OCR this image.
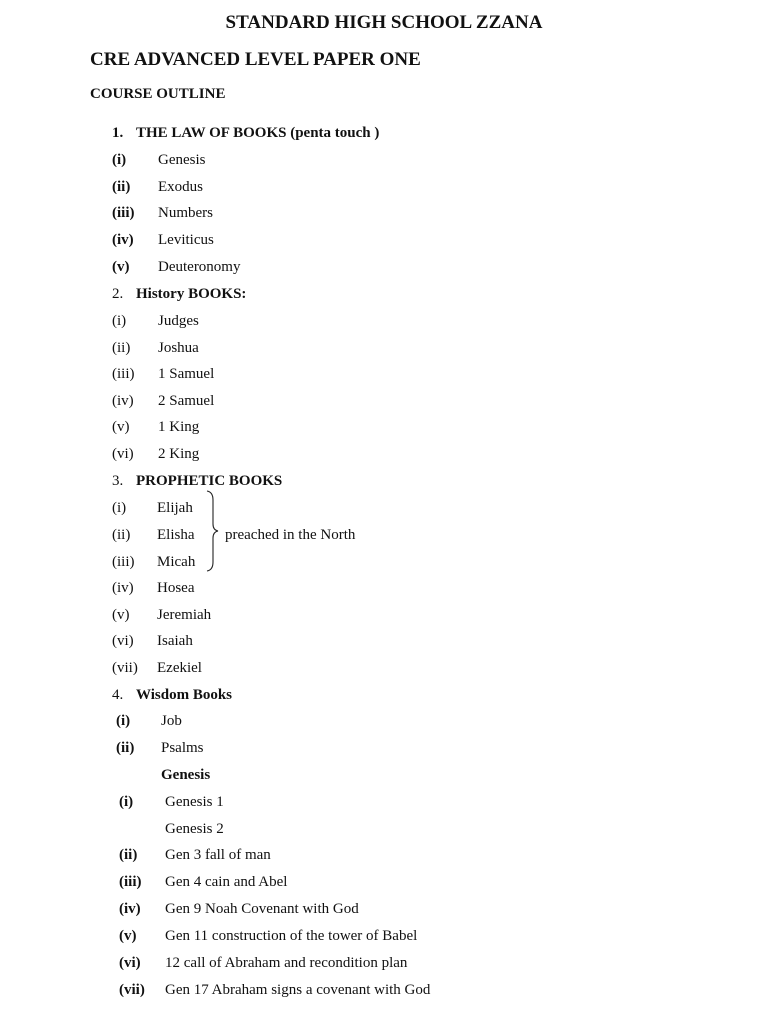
STANDARD HIGH SCHOOL ZZANA
CRE ADVANCED LEVEL PAPER ONE
COURSE OUTLINE
1. THE LAW OF BOOKS (penta touch )
(i) Genesis
(ii) Exodus
(iii) Numbers
(iv) Leviticus
(v) Deuteronomy
2. History BOOKS:
(i) Judges
(ii) Joshua
(iii) 1 Samuel
(iv) 2 Samuel
(v) 1 King
(vi) 2 King
3. PROPHETIC BOOKS
(i) Elijah
(ii) Elisha
(iii) Micah
preached in the North
(iv) Hosea
(v) Jeremiah
(vi) Isaiah
(vii) Ezekiel
4. Wisdom Books
(i) Job
(ii) Psalms
Genesis
(i) Genesis 1
Genesis 2
(ii) Gen 3 fall of man
(iii) Gen 4 cain and Abel
(iv) Gen 9 Noah Covenant with God
(v) Gen 11 construction of the tower of Babel
(vi) 12 call of Abraham and recondition plan
(vii) Gen 17 Abraham signs a covenant with God
